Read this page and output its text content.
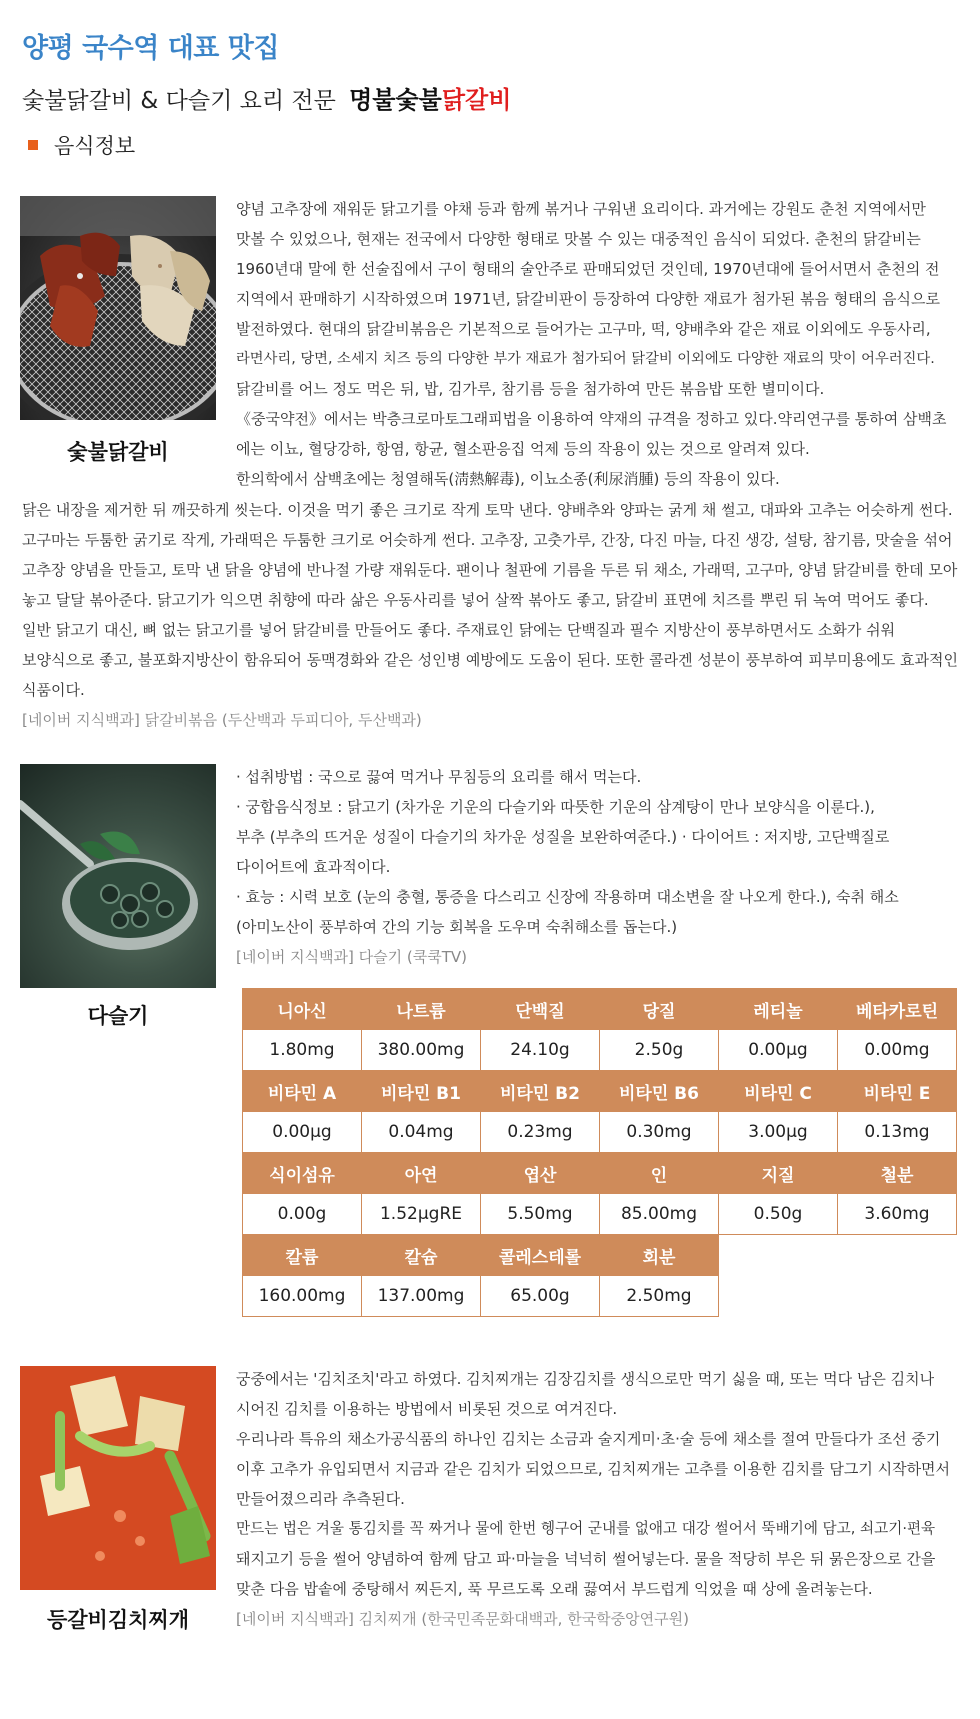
양평 국수역 대표 맛집
숯불닭갈비 & 다슬기 요리 전문 명불숯불닭갈비
음식정보
숯불닭갈비
양념 고추장에 재워둔 닭고기를 야채 등과 함께 볶거나 구워낸 요리이다. 과거에는 강원도 춘천 지역에서만
맛볼 수 있었으나, 현재는 전국에서 다양한 형태로 맛볼 수 있는 대중적인 음식이 되었다. 춘천의 닭갈비는
1960년대 말에 한 선술집에서 구이 형태의 술안주로 판매되었던 것인데, 1970년대에 들어서면서 춘천의 전
지역에서 판매하기 시작하였으며 1971년, 닭갈비판이 등장하여 다양한 재료가 첨가된 볶음 형태의 음식으로
발전하였다. 현대의 닭갈비볶음은 기본적으로 들어가는 고구마, 떡, 양배추와 같은 재료 이외에도 우동사리,
라면사리, 당면, 소세지 치즈 등의 다양한 부가 재료가 첨가되어 닭갈비 이외에도 다양한 재료의 맛이 어우러진다.
닭갈비를 어느 정도 먹은 뒤, 밥, 김가루, 참기름 등을 첨가하여 만든 볶음밥 또한 별미이다.
《중국약전》에서는 박층크로마토그래피법을 이용하여 약재의 규격을 정하고 있다.약리연구를 통하여 삼백초
에는 이뇨, 혈당강하, 항염, 항균, 혈소판응집 억제 등의 작용이 있는 것으로 알려져 있다.
한의학에서 삼백초에는 청열해독(淸熱解毒), 이뇨소종(利尿消腫) 등의 작용이 있다.
닭은 내장을 제거한 뒤 깨끗하게 씻는다. 이것을 먹기 좋은 크기로 작게 토막 낸다. 양배추와 양파는 굵게 채 썰고, 대파와 고추는 어슷하게 썬다.
고구마는 두툼한 굵기로 작게, 가래떡은 두툼한 크기로 어슷하게 썬다. 고추장, 고춧가루, 간장, 다진 마늘, 다진 생강, 설탕, 참기름, 맛술을 섞어
고추장 양념을 만들고, 토막 낸 닭을 양념에 반나절 가량 재워둔다. 팬이나 철판에 기름을 두른 뒤 채소, 가래떡, 고구마, 양념 닭갈비를 한데 모아
놓고 달달 볶아준다. 닭고기가 익으면 취향에 따라 삶은 우동사리를 넣어 살짝 볶아도 좋고, 닭갈비 표면에 치즈를 뿌린 뒤 녹여 먹어도 좋다.
일반 닭고기 대신, 뼈 없는 닭고기를 넣어 닭갈비를 만들어도 좋다. 주재료인 닭에는 단백질과 필수 지방산이 풍부하면서도 소화가 쉬워
보양식으로 좋고, 불포화지방산이 함유되어 동맥경화와 같은 성인병 예방에도 도움이 된다. 또한 콜라겐 성분이 풍부하여 피부미용에도 효과적인
식품이다.
[네이버 지식백과] 닭갈비볶음 (두산백과 두피디아, 두산백과)
다슬기
· 섭취방법 : 국으로 끓여 먹거나 무침등의 요리를 해서 먹는다.
· 궁합음식정보 : 닭고기 (차가운 기운의 다슬기와 따뜻한 기운의 삼계탕이 만나 보양식을 이룬다.),
부추 (부추의 뜨거운 성질이 다슬기의 차가운 성질을 보완하여준다.) · 다이어트 : 저지방, 고단백질로
다이어트에 효과적이다.
· 효능 : 시력 보호 (눈의 충혈, 통증을 다스리고 신장에 작용하며 대소변을 잘 나오게 한다.), 숙취 해소
(아미노산이 풍부하여 간의 기능 회복을 도우며 숙취해소를 돕는다.)
[네이버 지식백과] 다슬기 (쿡쿡TV)
니아신	나트륨	단백질	당질	레티놀	베타카로틴
1.80mg	380.00mg	24.10g	2.50g	0.00μg	0.00mg
비타민 A	비타민 B1	비타민 B2	비타민 B6	비타민 C	비타민 E
0.00μg	0.04mg	0.23mg	0.30mg	3.00μg	0.13mg
식이섬유	아연	엽산	인	지질	철분
0.00g	1.52μgRE	5.50mg	85.00mg	0.50g	3.60mg
칼륨	칼슘	콜레스테롤	회분		
160.00mg	137.00mg	65.00g	2.50mg		
등갈비김치찌개
궁중에서는 '김치조치'라고 하였다. 김치찌개는 김장김치를 생식으로만 먹기 싫을 때, 또는 먹다 남은 김치나
시어진 김치를 이용하는 방법에서 비롯된 것으로 여겨진다.
우리나라 특유의 채소가공식품의 하나인 김치는 소금과 술지게미·초·술 등에 채소를 절여 만들다가 조선 중기
이후 고추가 유입되면서 지금과 같은 김치가 되었으므로, 김치찌개는 고추를 이용한 김치를 담그기 시작하면서
만들어졌으리라 추측된다.
만드는 법은 겨울 통김치를 꼭 짜거나 물에 한번 헹구어 군내를 없애고 대강 썰어서 뚝배기에 담고, 쇠고기·편육
돼지고기 등을 썰어 양념하여 함께 담고 파·마늘을 넉넉히 썰어넣는다. 물을 적당히 부은 뒤 묽은장으로 간을
맞춘 다음 밥솥에 중탕해서 찌든지, 푹 무르도록 오래 끓여서 부드럽게 익었을 때 상에 올려놓는다.
[네이버 지식백과] 김치찌개 (한국민족문화대백과, 한국학중앙연구원)
